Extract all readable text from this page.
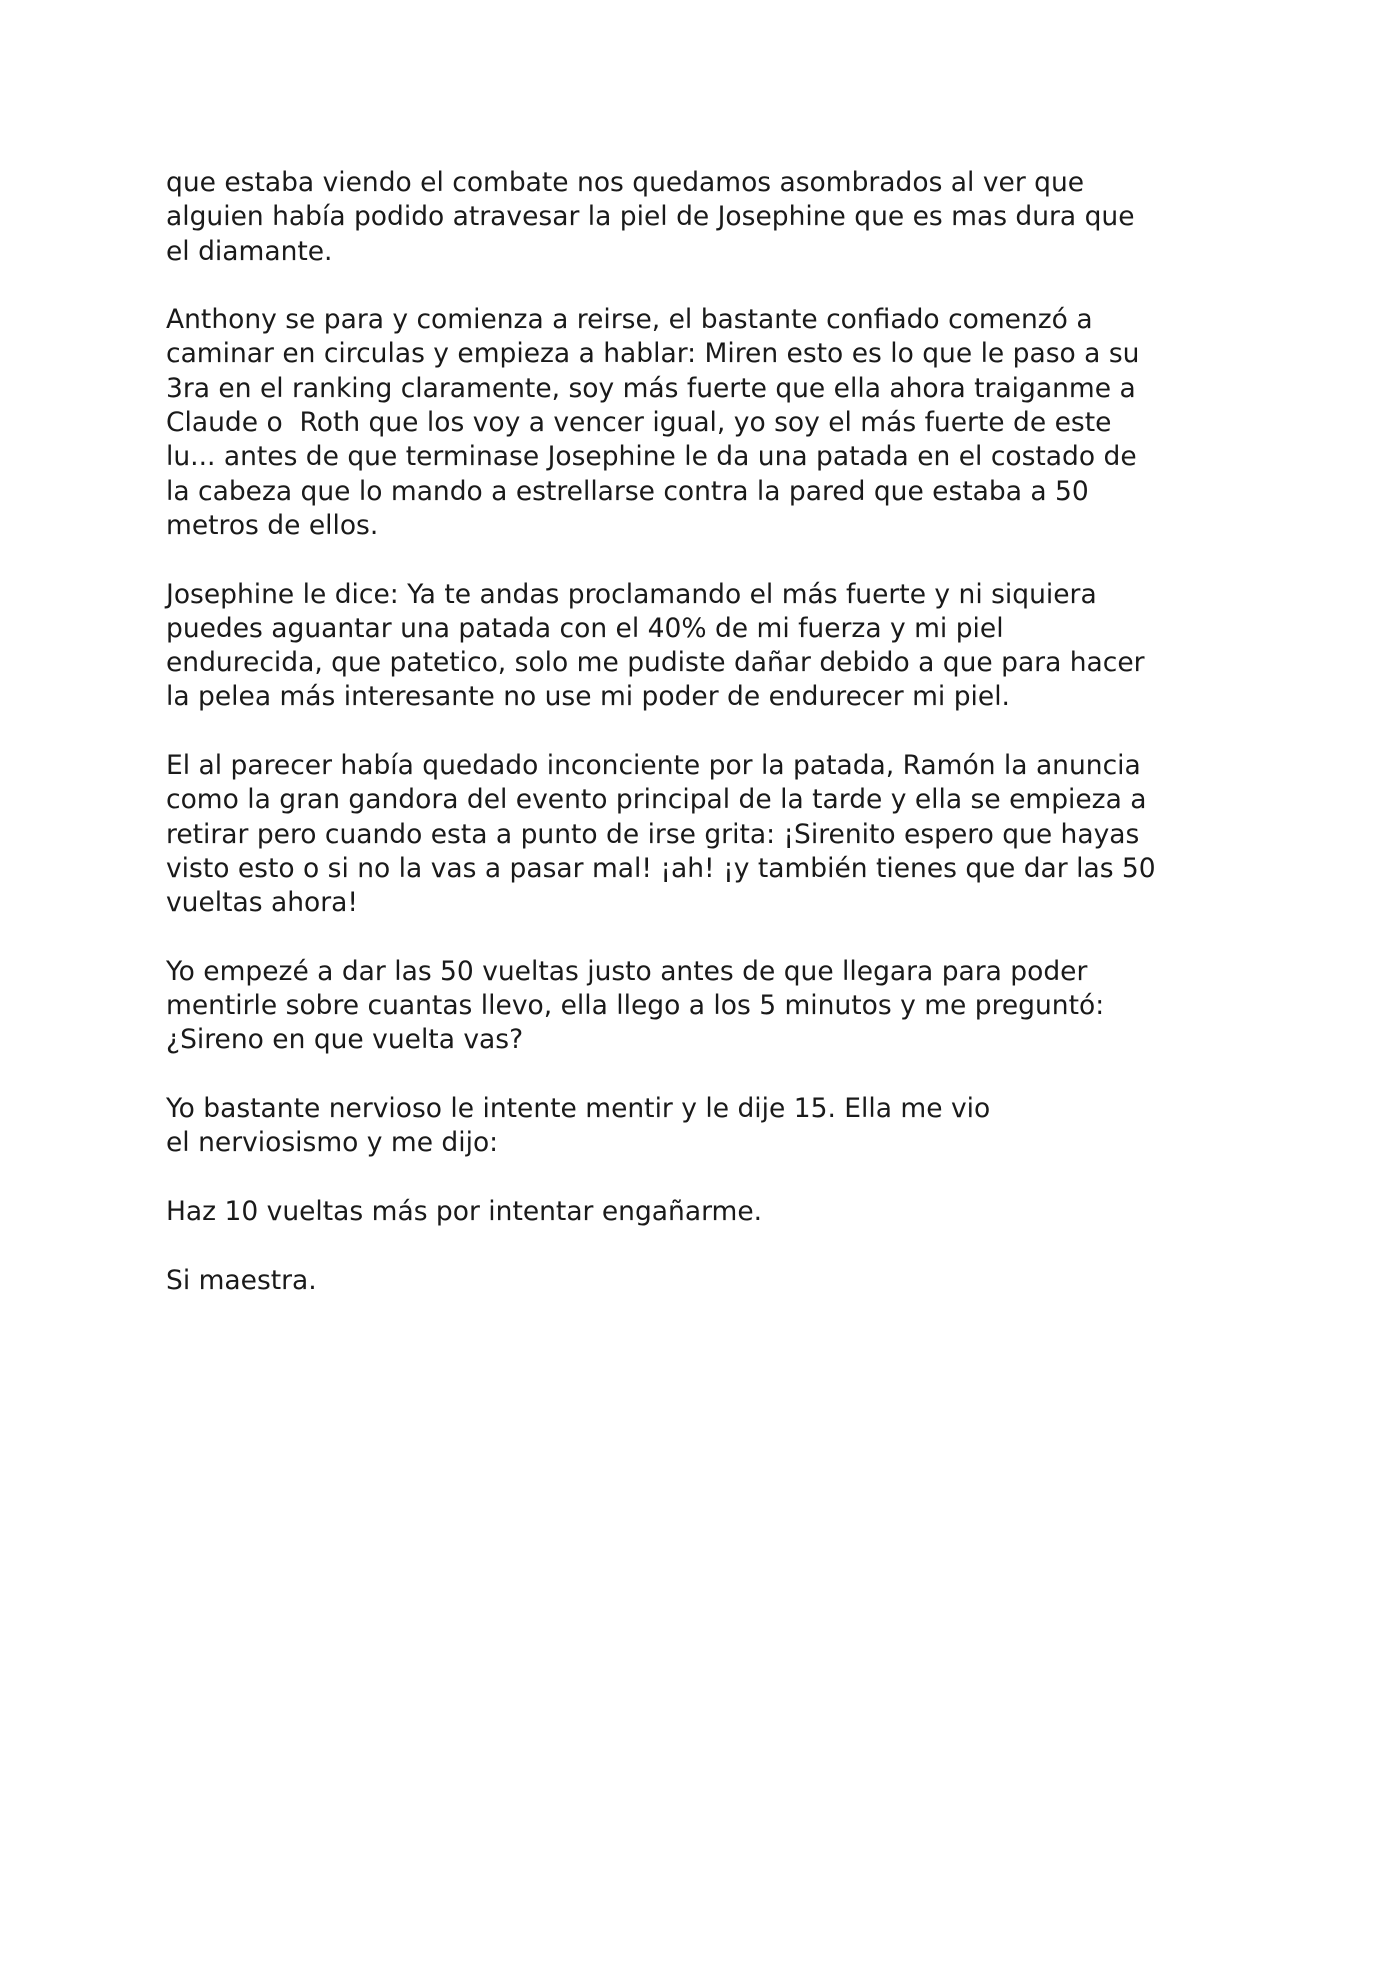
que estaba viendo el combate nos quedamos asombrados al ver que
alguien había podido atravesar la piel de Josephine que es mas dura que
el diamante.

Anthony se para y comienza a reirse, el bastante confiado comenzó a
caminar en circulas y empieza a hablar: Miren esto es lo que le paso a su
3ra en el ranking claramente, soy más fuerte que ella ahora traiganme a
Claude o  Roth que los voy a vencer igual, yo soy el más fuerte de este
lu... antes de que terminase Josephine le da una patada en el costado de
la cabeza que lo mando a estrellarse contra la pared que estaba a 50
metros de ellos.

Josephine le dice: Ya te andas proclamando el más fuerte y ni siquiera
puedes aguantar una patada con el 40% de mi fuerza y mi piel
endurecida, que patetico, solo me pudiste dañar debido a que para hacer
la pelea más interesante no use mi poder de endurecer mi piel.

El al parecer había quedado inconciente por la patada, Ramón la anuncia
como la gran gandora del evento principal de la tarde y ella se empieza a
retirar pero cuando esta a punto de irse grita: ¡Sirenito espero que hayas
visto esto o si no la vas a pasar mal! ¡ah! ¡y también tienes que dar las 50
vueltas ahora!

Yo empezé a dar las 50 vueltas justo antes de que llegara para poder
mentirle sobre cuantas llevo, ella llego a los 5 minutos y me preguntó:
¿Sireno en que vuelta vas?

Yo bastante nervioso le intente mentir y le dije 15. Ella me vio
el nerviosismo y me dijo:

Haz 10 vueltas más por intentar engañarme.

Si maestra.
